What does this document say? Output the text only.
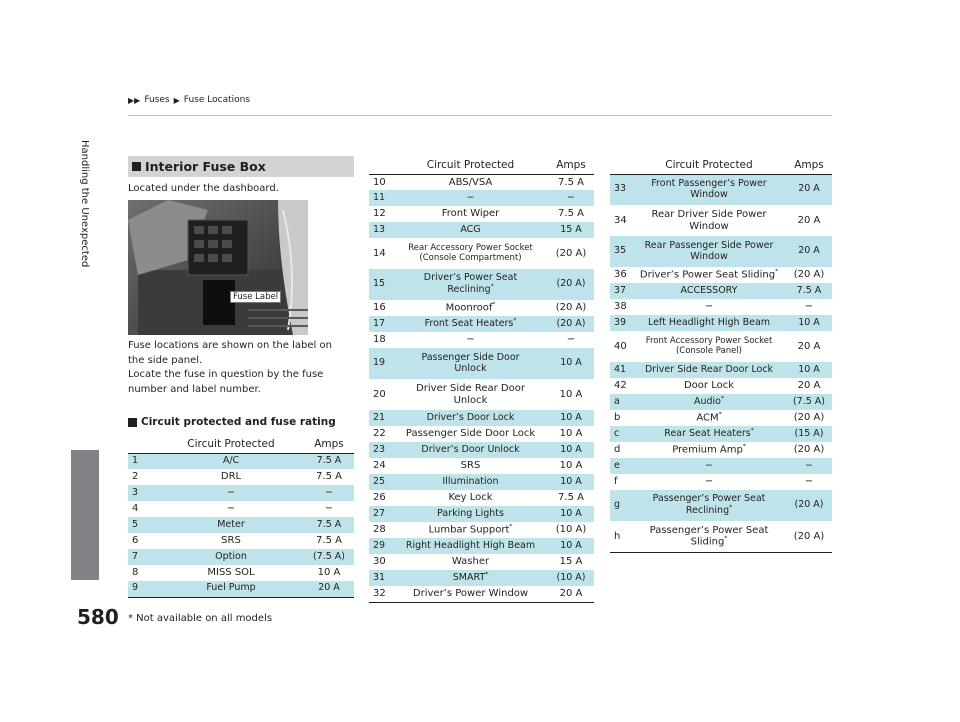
▶▶ Fuses ▶ Fuse Locations
Handling the Unexpected
580 * Not available on all models
Interior Fuse Box
Located under the dashboard.
Fuse Label
Fuse locations are shown on the label on
the side panel.
Locate the fuse in question by the fuse
number and label number.
Circuit protected and fuse rating
	Circuit Protected	Amps
1	A/C	7.5 A
2	DRL	7.5 A
3	−	−
4	−	−
5	Meter	7.5 A
6	SRS	7.5 A
7	Option	(7.5 A)
8	MISS SOL	10 A
9	Fuel Pump	20 A
	Circuit Protected	Amps
10	ABS/VSA	7.5 A
11	−	−
12	Front Wiper	7.5 A
13	ACG	15 A
14	Rear Accessory Power Socket
(Console Compartment)	(20 A)
15	Driver’s Power Seat
Reclining*	(20 A)
16	Moonroof*	(20 A)
17	Front Seat Heaters*	(20 A)
18	−	−
19	Passenger Side Door
Unlock	10 A
20	Driver Side Rear Door
Unlock	10 A
21	Driver’s Door Lock	10 A
22	Passenger Side Door Lock	10 A
23	Driver’s Door Unlock	10 A
24	SRS	10 A
25	Illumination	10 A
26	Key Lock	7.5 A
27	Parking Lights	10 A
28	Lumbar Support*	(10 A)
29	Right Headlight High Beam	10 A
30	Washer	15 A
31	SMART*	(10 A)
32	Driver’s Power Window	20 A
	Circuit Protected	Amps
33	Front Passenger’s Power
Window	20 A
34	Rear Driver Side Power
Window	20 A
35	Rear Passenger Side Power
Window	20 A
36	Driver’s Power Seat Sliding*	(20 A)
37	ACCESSORY	7.5 A
38	−	−
39	Left Headlight High Beam	10 A
40	Front Accessory Power Socket
(Console Panel)	20 A
41	Driver Side Rear Door Lock	10 A
42	Door Lock	20 A
a	Audio*	(7.5 A)
b	ACM*	(20 A)
c	Rear Seat Heaters*	(15 A)
d	Premium Amp*	(20 A)
e	−	−
f	−	−
g	Passenger’s Power Seat
Reclining*	(20 A)
h	Passenger’s Power Seat
Sliding*	(20 A)
